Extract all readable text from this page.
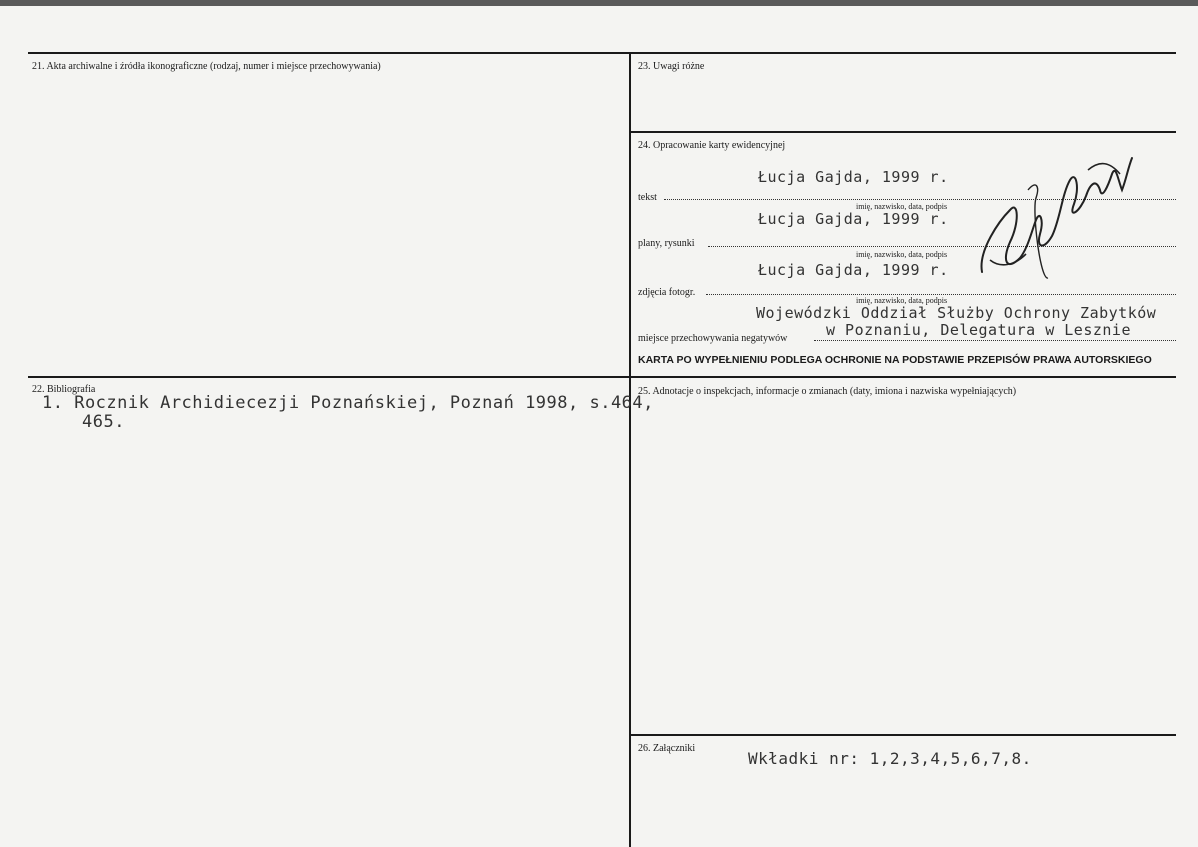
21. Akta archiwalne i źródła ikonograficzne (rodzaj, numer i miejsce przechowywania)	23. Uwagi różne
24. Opracowanie karty ewidencyjnej
Łucja Gajda, 1999 r.
tekst
imię, nazwisko, data, podpis
Łucja Gajda, 1999 r.
plany, rysunki
imię, nazwisko, data, podpis
Łucja Gajda, 1999 r.
zdjęcia fotogr.
imię, nazwisko, data, podpis
Wojewódzki Oddział Służby Ochrony Zabytków
w Poznaniu, Delegatura w Lesznie
miejsce przechowywania negatywów
KARTA PO WYPEŁNIENIU PODLEGA OCHRONIE NA PODSTAWIE PRZEPISÓW PRAWA AUTORSKIEGO
22. Bibliografia
1. Rocznik Archidiecezji Poznańskiej, Poznań 1998, s.464,
465.
25. Adnotacje o inspekcjach, informacje o zmianach (daty, imiona i nazwiska wypełniających)
26. Załączniki
Wkładki nr: 1,2,3,4,5,6,7,8.
